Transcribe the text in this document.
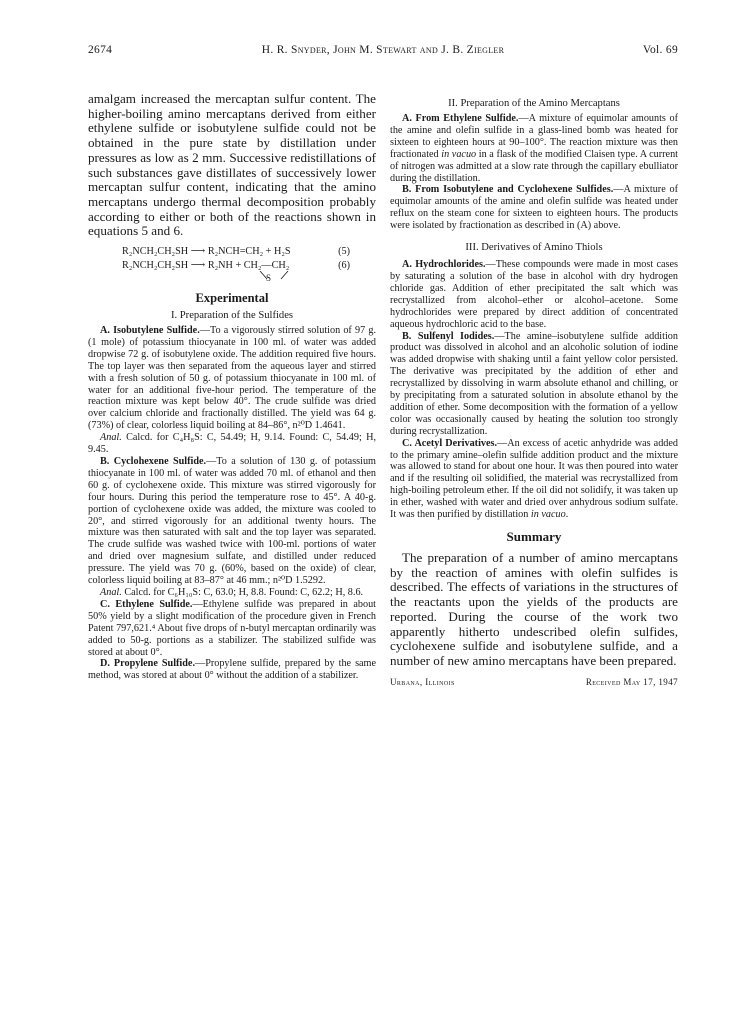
2674	H. R. Snyder, John M. Stewart and J. B. Ziegler	Vol. 69

amalgam increased the mercaptan sulfur content. The higher-boiling amino mercaptans derived from either ethylene sulfide or isobutylene sulfide could not be obtained in the pure state by distillation under pressures as low as 2 mm. Successive redistillations of such substances gave distillates of successively lower mercaptan sulfur content, indicating that the amino mercaptans undergo thermal decomposition probably according to either or both of the reactions shown in equations 5 and 6.

R₂NCH₂CH₂SH ⟶ R₂NCH=CH₂ + H₂S	(5)
R₂NCH₂CH₂SH ⟶ R₂NH + CH₂—CH₂	(6)
S
Experimental
I. Preparation of the Sulfides

A. Isobutylene Sulfide.—To a vigorously stirred solution of 97 g. (1 mole) of potassium thiocyanate in 100 ml. of water was added dropwise 72 g. of isobutylene oxide. The addition required five hours. The top layer was then separated from the aqueous layer and stirred with a fresh solution of 50 g. of potassium thiocyanate in 100 ml. of water for an additional five-hour period. The temperature of the reaction mixture was kept below 40°. The crude sulfide was dried over calcium chloride and fractionally distilled. The yield was 64 g. (73%) of clear, colorless liquid boiling at 84–86°, n²⁰D 1.4641.

Anal. Calcd. for C₄H₈S: C, 54.49; H, 9.14. Found: C, 54.49; H, 9.45.

B. Cyclohexene Sulfide.—To a solution of 130 g. of potassium thiocyanate in 100 ml. of water was added 70 ml. of ethanol and then 60 g. of cyclohexene oxide. This mixture was stirred vigorously for four hours. During this period the temperature rose to 45°. A 40-g. portion of cyclohexene oxide was added, the mixture was cooled to 20°, and stirred vigorously for an additional twenty hours. The mixture was then saturated with salt and the top layer was separated. The crude sulfide was washed twice with 100-ml. portions of water and dried over magnesium sulfate, and distilled under reduced pressure. The yield was 70 g. (60%, based on the oxide) of clear, colorless liquid boiling at 83–87° at 46 mm.; n²⁰D 1.5292.

Anal. Calcd. for C₆H₁₀S: C, 63.0; H, 8.8. Found: C, 62.2; H, 8.6.

C. Ethylene Sulfide.—Ethylene sulfide was prepared in about 50% yield by a slight modification of the procedure given in French Patent 797,621.⁴ About five drops of n-butyl mercaptan ordinarily was added to 50-g. portions as a stabilizer. The stabilized sulfide was stored at about 0°.

D. Propylene Sulfide.—Propylene sulfide, prepared by the same method, was stored at about 0° without the addition of a stabilizer.

II. Preparation of the Amino Mercaptans

A. From Ethylene Sulfide.—A mixture of equimolar amounts of the amine and olefin sulfide in a glass-lined bomb was heated for sixteen to eighteen hours at 90–100°. The reaction mixture was then fractionated in vacuo in a flask of the modified Claisen type. A current of nitrogen was admitted at a slow rate through the capillary ebulliator during the distillation.

B. From Isobutylene and Cyclohexene Sulfides.—A mixture of equimolar amounts of the amine and olefin sulfide was heated under reflux on the steam cone for sixteen to eighteen hours. The products were isolated by fractionation as described in (A) above.

III. Derivatives of Amino Thiols

A. Hydrochlorides.—These compounds were made in most cases by saturating a solution of the base in alcohol with dry hydrogen chloride gas. Addition of ether precipitated the salt which was recrystallized from alcohol–ether or alcohol–acetone. Some hydrochlorides were prepared by direct addition of concentrated aqueous hydrochloric acid to the base.

B. Sulfenyl Iodides.—The amine–isobutylene sulfide addition product was dissolved in alcohol and an alcoholic solution of iodine was added dropwise with shaking until a faint yellow color persisted. The derivative was precipitated by the addition of ether and recrystallized by dissolving in warm absolute ethanol and chilling, or by precipitating from a saturated solution in absolute ethanol by the addition of ether. Some decomposition with the formation of a yellow color was occasionally caused by heating the solution too strongly during recrystallization.

C. Acetyl Derivatives.—An excess of acetic anhydride was added to the primary amine–olefin sulfide addition product and the mixture was allowed to stand for about one hour. It was then poured into water and if the resulting oil solidified, the material was recrystallized from high-boiling petroleum ether. If the oil did not solidify, it was taken up in ether, washed with water and dried over anhydrous sodium sulfate. It was then purified by distillation in vacuo.

Summary

The preparation of a number of amino mercaptans by the reaction of amines with olefin sulfides is described. The effects of variations in the structures of the reactants upon the yields of the products are reported. During the course of the work two apparently hitherto undescribed olefin sulfides, cyclohexene sulfide and isobutylene sulfide, and a number of new amino mercaptans have been prepared.

Urbana, Illinois	Received May 17, 1947
